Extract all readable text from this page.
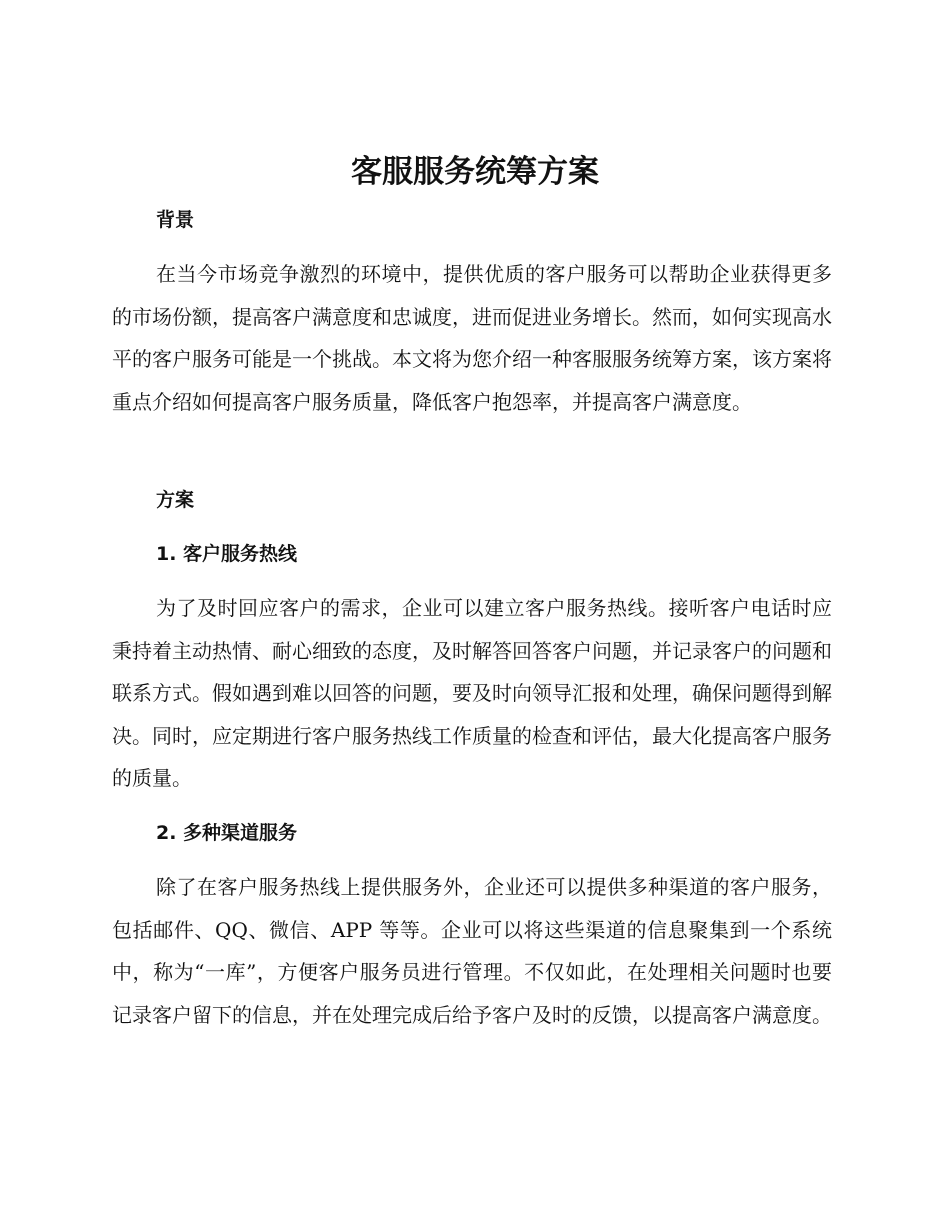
客服服务统筹方案
背景

在当今市场竞争激烈的环境中，提供优质的客户服务可以帮助企业获得更多的市场份额，提高客户满意度和忠诚度，进而促进业务增长。然而，如何实现高水平的客户服务可能是一个挑战。本文将为您介绍一种客服服务统筹方案，该方案将重点介绍如何提高客户服务质量，降低客户抱怨率，并提高客户满意度。

方案
1. 客户服务热线

为了及时回应客户的需求，企业可以建立客户服务热线。接听客户电话时应秉持着主动热情、耐心细致的态度，及时解答回答客户问题，并记录客户的问题和联系方式。假如遇到难以回答的问题，要及时向领导汇报和处理，确保问题得到解决。同时，应定期进行客户服务热线工作质量的检查和评估，最大化提高客户服务的质量。

2. 多种渠道服务

除了在客户服务热线上提供服务外，企业还可以提供多种渠道的客户服务，包括邮件、QQ、微信、APP 等等。企业可以将这些渠道的信息聚集到一个系统中，称为“一库”，方便客户服务员进行管理。不仅如此，在处理相关问题时也要记录客户留下的信息，并在处理完成后给予客户及时的反馈，以提高客户满意度。
